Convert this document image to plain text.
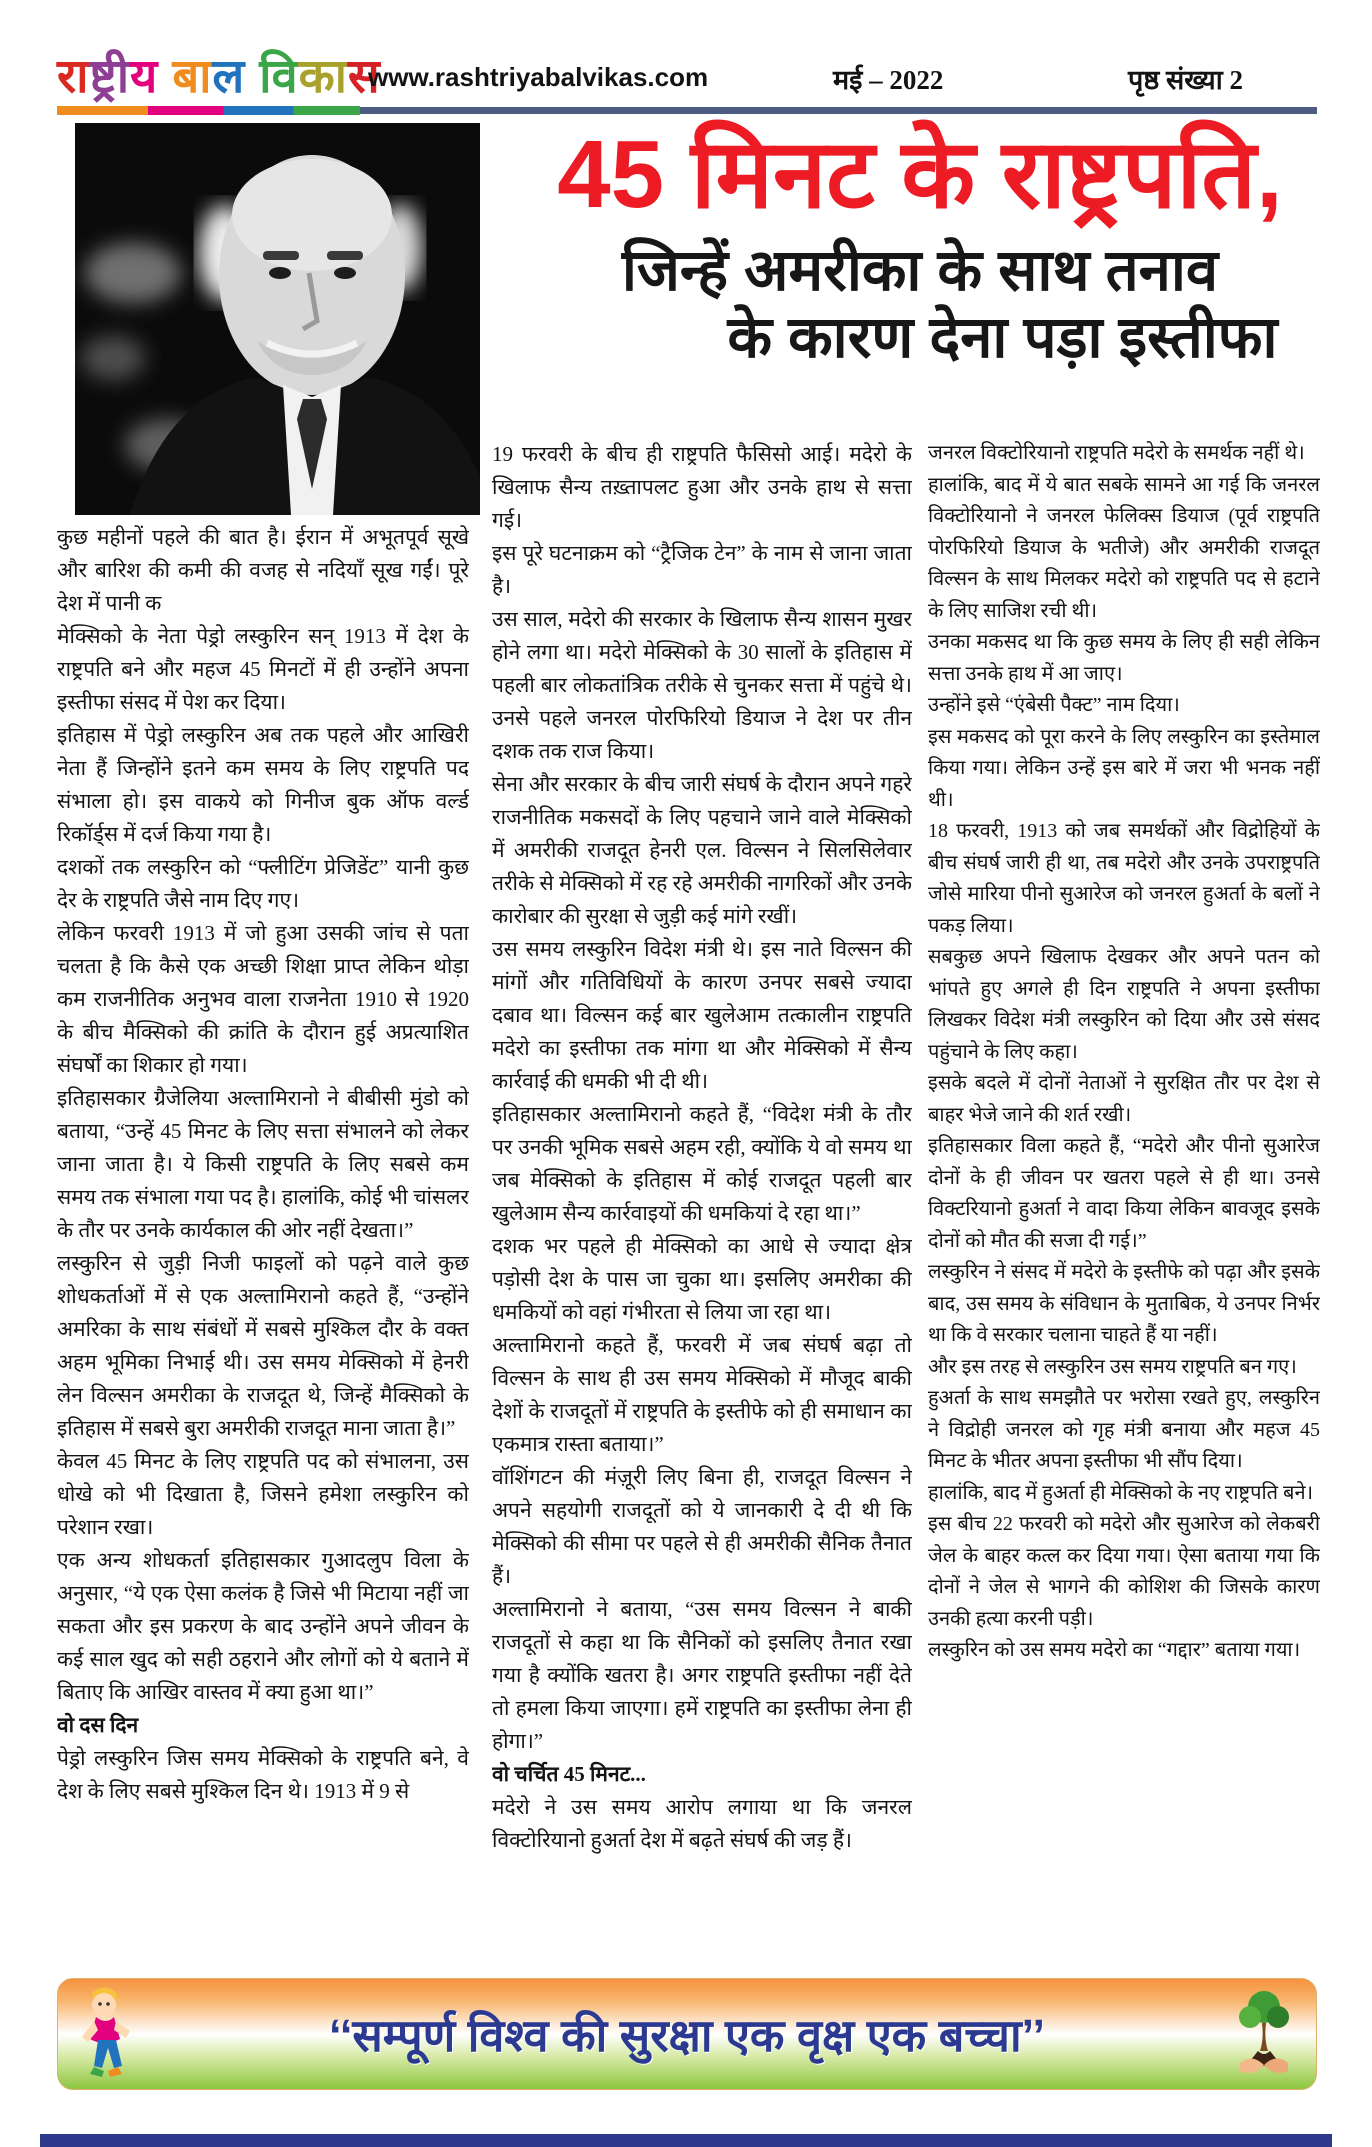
राष्ट्रीय बाल विकास
www.rashtriyabalvikas.com	मई – 2022	पृष्ठ संख्या 2
45 मिनट के राष्ट्रपति,
जिन्हें अमरीका के साथ तनाव
के कारण देना पड़ा इस्तीफा

कुछ महीनों पहले की बात है। ईरान में अभूतपूर्व सूखे और बारिश की कमी की वजह से नदियाँ सूख गईं। पूरे देश में पानी क

मेक्सिको के नेता पेड्रो लस्कुरिन सन् 1913 में देश के राष्ट्रपति बने और महज 45 मिनटों में ही उन्होंने अपना इस्तीफा संसद में पेश कर दिया।

इतिहास में पेड्रो लस्कुरिन अब तक पहले और आखिरी नेता हैं जिन्होंने इतने कम समय के लिए राष्ट्रपति पद संभाला हो। इस वाकये को गिनीज बुक ऑफ वर्ल्ड रिकॉर्ड्स में दर्ज किया गया है।

दशकों तक लस्कुरिन को “फ्लीटिंग प्रेजिडेंट” यानी कुछ देर के राष्ट्रपति जैसे नाम दिए गए।

लेकिन फरवरी 1913 में जो हुआ उसकी जांच से पता चलता है कि कैसे एक अच्छी शिक्षा प्राप्त लेकिन थोड़ा कम राजनीतिक अनुभव वाला राजनेता 1910 से 1920 के बीच मैक्सिको की क्रांति के दौरान हुई अप्रत्याशित संघर्षों का शिकार हो गया।

इतिहासकार ग्रैजेलिया अल्तामिरानो ने बीबीसी मुंडो को बताया, “उन्हें 45 मिनट के लिए सत्ता संभालने को लेकर जाना जाता है। ये किसी राष्ट्रपति के लिए सबसे कम समय तक संभाला गया पद है। हालांकि, कोई भी चांसलर के तौर पर उनके कार्यकाल की ओर नहीं देखता।”

लस्कुरिन से जुड़ी निजी फाइलों को पढ़ने वाले कुछ शोधकर्ताओं में से एक अल्तामिरानो कहते हैं, “उन्होंने अमरिका के साथ संबंधों में सबसे मुश्किल दौर के वक्त अहम भूमिका निभाई थी। उस समय मेक्सिको में हेनरी लेन विल्सन अमरीका के राजदूत थे, जिन्हें मैक्सिको के इतिहास में सबसे बुरा अमरीकी राजदूत माना जाता है।”

केवल 45 मिनट के लिए राष्ट्रपति पद को संभालना, उस धोखे को भी दिखाता है, जिसने हमेशा लस्कुरिन को परेशान रखा।

एक अन्य शोधकर्ता इतिहासकार गुआदलुप विला के अनुसार, “ये एक ऐसा कलंक है जिसे भी मिटाया नहीं जा सकता और इस प्रकरण के बाद उन्होंने अपने जीवन के कई साल खुद को सही ठहराने और लोगों को ये बताने में बिताए कि आखिर वास्तव में क्या हुआ था।”

वो दस दिन

पेड्रो लस्कुरिन जिस समय मेक्सिको के राष्ट्रपति बने, वे देश के लिए सबसे मुश्किल दिन थे। 1913 में 9 से

19 फरवरी के बीच ही राष्ट्रपति फैसिसो आई। मदेरो के खिलाफ सैन्य तख़्तापलट हुआ और उनके हाथ से सत्ता गई।

इस पूरे घटनाक्रम को “ट्रैजिक टेन” के नाम से जाना जाता है।

उस साल, मदेरो की सरकार के खिलाफ सैन्य शासन मुखर होने लगा था। मदेरो मेक्सिको के 30 सालों के इतिहास में पहली बार लोकतांत्रिक तरीके से चुनकर सत्ता में पहुंचे थे। उनसे पहले जनरल पोरफिरियो डियाज ने देश पर तीन दशक तक राज किया।

सेना और सरकार के बीच जारी संघर्ष के दौरान अपने गहरे राजनीतिक मकसदों के लिए पहचाने जाने वाले मेक्सिको में अमरीकी राजदूत हेनरी एल. विल्सन ने सिलसिलेवार तरीके से मेक्सिको में रह रहे अमरीकी नागरिकों और उनके कारोबार की सुरक्षा से जुड़ी कई मांगे रखीं।

उस समय लस्कुरिन विदेश मंत्री थे। इस नाते विल्सन की मांगों और गतिविधियों के कारण उनपर सबसे ज्यादा दबाव था। विल्सन कई बार खुलेआम तत्कालीन राष्ट्रपति मदेरो का इस्तीफा तक मांगा था और मेक्सिको में सैन्य कार्रवाई की धमकी भी दी थी।

इतिहासकार अल्तामिरानो कहते हैं, “विदेश मंत्री के तौर पर उनकी भूमिक सबसे अहम रही, क्योंकि ये वो समय था जब मेक्सिको के इतिहास में कोई राजदूत पहली बार खुलेआम सैन्य कार्रवाइयों की धमकियां दे रहा था।”

दशक भर पहले ही मेक्सिको का आधे से ज्यादा क्षेत्र पड़ोसी देश के पास जा चुका था। इसलिए अमरीका की धमकियों को वहां गंभीरता से लिया जा रहा था।

अल्तामिरानो कहते हैं, फरवरी में जब संघर्ष बढ़ा तो विल्सन के साथ ही उस समय मेक्सिको में मौजूद बाकी देशों के राजदूतों में राष्ट्रपति के इस्तीफे को ही समाधान का एकमात्र रास्ता बताया।”

वॉशिंगटन की मंज़ूरी लिए बिना ही, राजदूत विल्सन ने अपने सहयोगी राजदूतों को ये जानकारी दे दी थी कि मेक्सिको की सीमा पर पहले से ही अमरीकी सैनिक तैनात हैं।

अल्तामिरानो ने बताया, “उस समय विल्सन ने बाकी राजदूतों से कहा था कि सैनिकों को इसलिए तैनात रखा गया है क्योंकि खतरा है। अगर राष्ट्रपति इस्तीफा नहीं देते तो हमला किया जाएगा। हमें राष्ट्रपति का इस्तीफा लेना ही होगा।”

वो चर्चित 45 मिनट...

मदेरो ने उस समय आरोप लगाया था कि जनरल विक्टोरियानो हुअर्ता देश में बढ़ते संघर्ष की जड़ हैं।

जनरल विक्टोरियानो राष्ट्रपति मदेरो के समर्थक नहीं थे।

हालांकि, बाद में ये बात सबके सामने आ गई कि जनरल विक्टोरियानो ने जनरल फेलिक्स डियाज (पूर्व राष्ट्रपति पोरफिरियो डियाज के भतीजे) और अमरीकी राजदूत विल्सन के साथ मिलकर मदेरो को राष्ट्रपति पद से हटाने के लिए साजिश रची थी।

उनका मकसद था कि कुछ समय के लिए ही सही लेकिन सत्ता उनके हाथ में आ जाए।

उन्होंने इसे “एंबेसी पैक्ट” नाम दिया।

इस मकसद को पूरा करने के लिए लस्कुरिन का इस्तेमाल किया गया। लेकिन उन्हें इस बारे में जरा भी भनक नहीं थी।

18 फरवरी, 1913 को जब समर्थकों और विद्रोहियों के बीच संघर्ष जारी ही था, तब मदेरो और उनके उपराष्ट्रपति जोसे मारिया पीनो सुआरेज को जनरल हुअर्ता के बलों ने पकड़ लिया।

सबकुछ अपने खिलाफ देखकर और अपने पतन को भांपते हुए अगले ही दिन राष्ट्रपति ने अपना इस्तीफा लिखकर विदेश मंत्री लस्कुरिन को दिया और उसे संसद पहुंचाने के लिए कहा।

इसके बदले में दोनों नेताओं ने सुरक्षित तौर पर देश से बाहर भेजे जाने की शर्त रखी।

इतिहासकार विला कहते हैं, “मदेरो और पीनो सुआरेज दोनों के ही जीवन पर खतरा पहले से ही था। उनसे विक्टरियानो हुअर्ता ने वादा किया लेकिन बावजूद इसके दोनों को मौत की सजा दी गई।”

लस्कुरिन ने संसद में मदेरो के इस्तीफे को पढ़ा और इसके बाद, उस समय के संविधान के मुताबिक, ये उनपर निर्भर था कि वे सरकार चलाना चाहते हैं या नहीं।

और इस तरह से लस्कुरिन उस समय राष्ट्रपति बन गए।

हुअर्ता के साथ समझौते पर भरोसा रखते हुए, लस्कुरिन ने विद्रोही जनरल को गृह मंत्री बनाया और महज 45 मिनट के भीतर अपना इस्तीफा भी सौंप दिया।

हालांकि, बाद में हुअर्ता ही मेक्सिको के नए राष्ट्रपति बने।

इस बीच 22 फरवरी को मदेरो और सुआरेज को लेकबरी जेल के बाहर कत्ल कर दिया गया। ऐसा बताया गया कि दोनों ने जेल से भागने की कोशिश की जिसके कारण उनकी हत्या करनी पड़ी।

लस्कुरिन को उस समय मदेरो का “गद्दार” बताया गया।

‘‘सम्पूर्ण विश्व की सुरक्षा एक वृक्ष एक बच्चा’’
